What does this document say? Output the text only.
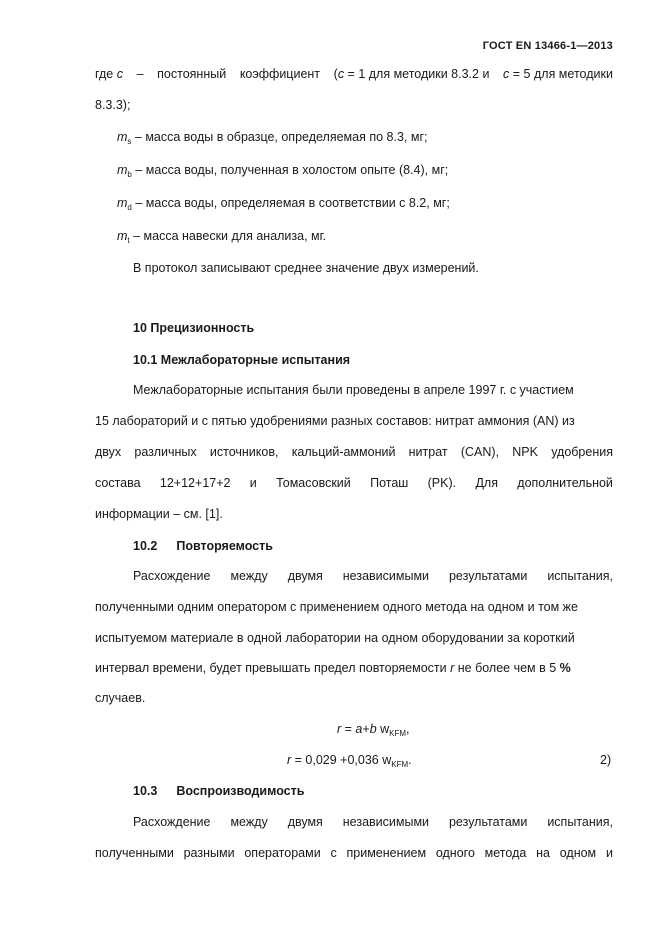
ГОСТ EN 13466-1—2013
где c – постоянный коэффициент (c = 1 для методики 8.3.2 и c = 5 для методики
8.3.3);
$m_s$ – масса воды в образце, определяемая по 8.3, мг;
$m_b$ – масса воды, полученная в холостом опыте (8.4), мг;
$m_d$ – масса воды, определяемая в соответствии с 8.2, мг;
$m_t$ – масса навески для анализа, мг.
В протокол записывают среднее значение двух измерений.
10 Прецизионность
10.1 Межлабораторные испытания
Межлабораторные испытания были проведены в апреле 1997 г. с участием
15 лабораторий и с пятью удобрениями разных составов: нитрат аммония (AN) из
двух различных источников, кальций-аммоний нитрат (CAN), NPK удобрения
состава 12+12+17+2 и Томасовский Поташ (PK). Для дополнительной
информации – см. [1].
10.2 Повторяемость
Расхождение между двумя независимыми результатами испытания,
полученными одним оператором с применением одного метода на одном и том же
испытуемом материале в одной лаборатории на одном оборудовании за короткий
интервал времени, будет превышать предел повторяемости r не более чем в 5 %
случаев.
r = a+b $w_{KFM}$,
r = 0,029 +0,036 $w_{KFM}$.	2)
10.3 Воспроизводимость
Расхождение между двумя независимыми результатами испытания,
полученными разными операторами с применением одного метода на одном и
